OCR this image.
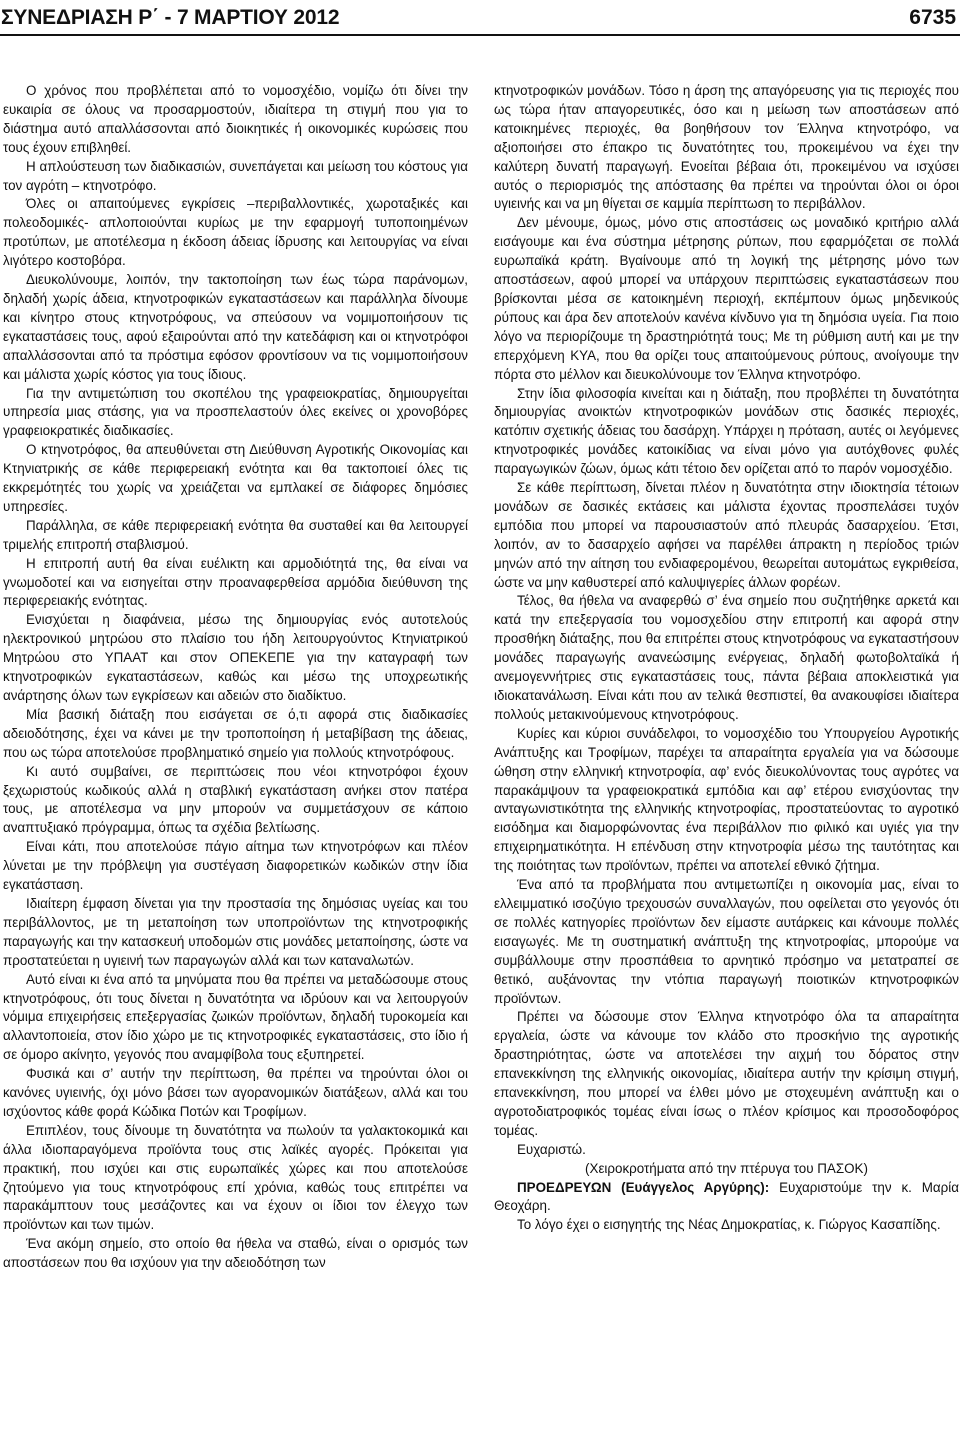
ΣΥΝΕΔΡΙΑΣΗ Ρ΄ - 7 ΜΑΡΤΙΟΥ 2012	6735

Ο χρόνος που προβλέπεται από το νομοσχέδιο, νομίζω ότι δίνει την ευκαιρία σε όλους να προσαρμοστούν, ιδιαίτερα τη στιγμή που για το διάστημα αυτό απαλλάσσονται από διοικητικές ή οικονομικές κυρώσεις που τους έχουν επιβληθεί.

Η απλούστευση των διαδικασιών, συνεπάγεται και μείωση του κόστους για τον αγρότη – κτηνοτρόφο.

Όλες οι απαιτούμενες εγκρίσεις –περιβαλλοντικές, χωροταξικές και πολεοδομικές- απλοποιούνται κυρίως με την εφαρμογή τυποποιημένων προτύπων, με αποτέλεσμα η έκδοση άδειας ίδρυσης και λειτουργίας να είναι λιγότερο κοστοβόρα.

Διευκολύνουμε, λοιπόν, την τακτοποίηση των έως τώρα παράνομων, δηλαδή χωρίς άδεια, κτηνοτροφικών εγκαταστάσεων και παράλληλα δίνουμε και κίνητρο στους κτηνοτρόφους, να σπεύσουν να νομιμοποιήσουν τις εγκαταστάσεις τους, αφού εξαιρούνται από την κατεδάφιση και οι κτηνοτρόφοι απαλλάσσονται από τα πρόστιμα εφόσον φροντίσουν να τις νομιμοποιήσουν και μάλιστα χωρίς κόστος για τους ίδιους.

Για την αντιμετώπιση του σκοπέλου της γραφειοκρατίας, δημιουργείται υπηρεσία μιας στάσης, για να προσπελαστούν όλες εκείνες οι χρονοβόρες γραφειοκρατικές διαδικασίες.

Ο κτηνοτρόφος, θα απευθύνεται στη Διεύθυνση Αγροτικής Οικονομίας και Κτηνιατρικής σε κάθε περιφερειακή ενότητα και θα τακτοποιεί όλες τις εκκρεμότητές του χωρίς να χρειάζεται να εμπλακεί σε διάφορες δημόσιες υπηρεσίες.

Παράλληλα, σε κάθε περιφερειακή ενότητα θα συσταθεί και θα λειτουργεί τριμελής επιτροπή σταβλισμού.

Η επιτροπή αυτή θα είναι ευέλικτη και αρμοδιότητά της, θα είναι να γνωμοδοτεί και να εισηγείται στην προαναφερθείσα αρμόδια διεύθυνση της περιφερειακής ενότητας.

Ενισχύεται η διαφάνεια, μέσω της δημιουργίας ενός αυτοτελούς ηλεκτρονικού μητρώου στο πλαίσιο του ήδη λειτουργούντος Κτηνιατρικού Μητρώου στο ΥΠΑΑΤ και στον ΟΠΕΚΕΠΕ για την καταγραφή των κτηνοτροφικών εγκαταστάσεων, καθώς και μέσω της υποχρεωτικής ανάρτησης όλων των εγκρίσεων και αδειών στο διαδίκτυο.

Μία βασική διάταξη που εισάγεται σε ό,τι αφορά στις διαδικασίες αδειοδότησης, έχει να κάνει με την τροποποίηση ή μεταβίβαση της άδειας, που ως τώρα αποτελούσε προβληματικό σημείο για πολλούς κτηνοτρόφους.

Κι αυτό συμβαίνει, σε περιπτώσεις που νέοι κτηνοτρόφοι έχουν ξεχωριστούς κωδικούς αλλά η σταβλική εγκατάσταση ανήκει στον πατέρα τους, με αποτέλεσμα να μην μπορούν να συμμετάσχουν σε κάποιο αναπτυξιακό πρόγραμμα, όπως τα σχέδια βελτίωσης.

Είναι κάτι, που αποτελούσε πάγιο αίτημα των κτηνοτρόφων και πλέον λύνεται με την πρόβλεψη για συστέγαση διαφορετικών κωδικών στην ίδια εγκατάσταση.

Ιδιαίτερη έμφαση δίνεται για την προστασία της δημόσιας υγείας και του περιβάλλοντος, με τη μεταποίηση των υποπροϊόντων της κτηνοτροφικής παραγωγής και την κατασκευή υποδομών στις μονάδες μεταποίησης, ώστε να προστατεύεται η υγιεινή των παραγωγών αλλά και των καταναλωτών.

Αυτό είναι κι ένα από τα μηνύματα που θα πρέπει να μεταδώσουμε στους κτηνοτρόφους, ότι τους δίνεται η δυνατότητα να ιδρύουν και να λειτουργούν νόμιμα επιχειρήσεις επεξεργασίας ζωικών προϊόντων, δηλαδή τυροκομεία και αλλαντοποιεία, στον ίδιο χώρο με τις κτηνοτροφικές εγκαταστάσεις, στο ίδιο ή σε όμορο ακίνητο, γεγονός που αναμφίβολα τους εξυπηρετεί.

Φυσικά και σ’ αυτήν την περίπτωση, θα πρέπει να τηρούνται όλοι οι κανόνες υγιεινής, όχι μόνο βάσει των αγορανομικών διατάξεων, αλλά και του ισχύοντος κάθε φορά Κώδικα Ποτών και Τροφίμων.

Επιπλέον, τους δίνουμε τη δυνατότητα να πωλούν τα γαλακτοκομικά και άλλα ιδιοπαραγόμενα προϊόντα τους στις λαϊκές αγορές. Πρόκειται για πρακτική, που ισχύει και στις ευρωπαϊκές χώρες και που αποτελούσε ζητούμενο για τους κτηνοτρόφους επί χρόνια, καθώς τους επιτρέπει να παρακάμπτουν τους μεσάζοντες και να έχουν οι ίδιοι τον έλεγχο των προϊόντων και των τιμών.

Ένα ακόμη σημείο, στο οποίο θα ήθελα να σταθώ, είναι ο ορισμός των αποστάσεων που θα ισχύουν για την αδειοδότηση των

κτηνοτροφικών μονάδων. Τόσο η άρση της απαγόρευσης για τις περιοχές που ως τώρα ήταν απαγορευτικές, όσο και η μείωση των αποστάσεων από κατοικημένες περιοχές, θα βοηθήσουν τον Έλληνα κτηνοτρόφο, να αξιοποιήσει στο έπακρο τις δυνατότητες του, προκειμένου να έχει την καλύτερη δυνατή παραγωγή. Ενοείται βέβαια ότι, προκειμένου να ισχύσει αυτός ο περιορισμός της απόστασης θα πρέπει να τηρούνται όλοι οι όροι υγιεινής και να μη θίγεται σε καμμία περίπτωση το περιβάλλον.

Δεν μένουμε, όμως, μόνο στις αποστάσεις ως μοναδικό κριτήριο αλλά εισάγουμε και ένα σύστημα μέτρησης ρύπων, που εφαρμόζεται σε πολλά ευρωπαϊκά κράτη. Βγαίνουμε από τη λογική της μέτρησης μόνο των αποστάσεων, αφού μπορεί να υπάρχουν περιπτώσεις εγκαταστάσεων που βρίσκονται μέσα σε κατοικημένη περιοχή, εκπέμπουν όμως μηδενικούς ρύπους και άρα δεν αποτελούν κανένα κίνδυνο για τη δημόσια υγεία. Για ποιο λόγο να περιορίζουμε τη δραστηριότητά τους; Με τη ρύθμιση αυτή και με την επερχόμενη ΚΥΑ, που θα ορίζει τους απαιτούμενους ρύπους, ανοίγουμε την πόρτα στο μέλλον και διευκολύνουμε τον Έλληνα κτηνοτρόφο.

Στην ίδια φιλοσοφία κινείται και η διάταξη, που προβλέπει τη δυνατότητα δημιουργίας ανοικτών κτηνοτροφικών μονάδων στις δασικές περιοχές, κατόπιν σχετικής άδειας του δασάρχη. Υπάρχει η πρόταση, αυτές οι λεγόμενες κτηνοτροφικές μονάδες κατοικίδιας να είναι μόνο για αυτόχθονες φυλές παραγωγικών ζώων, όμως κάτι τέτοιο δεν ορίζεται από το παρόν νομοσχέδιο.

Σε κάθε περίπτωση, δίνεται πλέον η δυνατότητα στην ιδιοκτησία τέτοιων μονάδων σε δασικές εκτάσεις και μάλιστα έχοντας προσπελάσει τυχόν εμπόδια που μπορεί να παρουσιαστούν από πλευράς δασαρχείου. Έτσι, λοιπόν, αν το δασαρχείο αφήσει να παρέλθει άπρακτη η περίοδος τριών μηνών από την αίτηση του ενδιαφερομένου, θεωρείται αυτομάτως εγκριθείσα, ώστε να μην καθυστερεί από καλυψιγερίες άλλων φορέων.

Τέλος, θα ήθελα να αναφερθώ σ’ ένα σημείο που συζητήθηκε αρκετά και κατά την επεξεργασία του νομοσχεδίου στην επιτροπή και αφορά στην προσθήκη διάταξης, που θα επιτρέπει στους κτηνοτρόφους να εγκαταστήσουν μονάδες παραγωγής ανανεώσιμης ενέργειας, δηλαδή φωτοβολταϊκά ή ανεμογεννήτριες στις εγκαταστάσεις τους, πάντα βέβαια αποκλειστικά για ιδιοκατανάλωση. Είναι κάτι που αν τελικά θεσπιστεί, θα ανακουφίσει ιδιαίτερα πολλούς μετακινούμενους κτηνοτρόφους.

Κυρίες και κύριοι συνάδελφοι, το νομοσχέδιο του Υπουργείου Αγροτικής Ανάπτυξης και Τροφίμων, παρέχει τα απαραίτητα εργαλεία για να δώσουμε ώθηση στην ελληνική κτηνοτροφία, αφ’ ενός διευκολύνοντας τους αγρότες να παρακάμψουν τα γραφειοκρατικά εμπόδια και αφ’ ετέρου ενισχύοντας την ανταγωνιστικότητα της ελληνικής κτηνοτροφίας, προστατεύοντας το αγροτικό εισόδημα και διαμορφώνοντας ένα περιβάλλον πιο φιλικό και υγιές για την επιχειρηματικότητα. Η επένδυση στην κτηνοτροφία μέσω της ταυτότητας και της ποιότητας των προϊόντων, πρέπει να αποτελεί εθνικό ζήτημα.

Ένα από τα προβλήματα που αντιμετωπίζει η οικονομία μας, είναι το ελλειμματικό ισοζύγιο τρεχουσών συναλλαγών, που οφείλεται στο γεγονός ότι σε πολλές κατηγορίες προϊόντων δεν είμαστε αυτάρκεις και κάνουμε πολλές εισαγωγές. Με τη συστηματική ανάπτυξη της κτηνοτροφίας, μπορούμε να συμβάλλουμε στην προσπάθεια το αρνητικό πρόσημο να μετατραπεί σε θετικό, αυξάνοντας την ντόπια παραγωγή ποιοτικών κτηνοτροφικών προϊόντων.

Πρέπει να δώσουμε στον Έλληνα κτηνοτρόφο όλα τα απαραίτητα εργαλεία, ώστε να κάνουμε τον κλάδο στο προσκήνιο της αγροτικής δραστηριότητας, ώστε να αποτελέσει την αιχμή του δόρατος στην επανεκκίνηση της ελληνικής οικονομίας, ιδιαίτερα αυτήν την κρίσιμη στιγμή, επανεκκίνηση, που μπορεί να έλθει μόνο με στοχευμένη ανάπτυξη και ο αγροτοδιατροφικός τομέας είναι ίσως ο πλέον κρίσιμος και προσοδοφόρος τομέας.

Ευχαριστώ.

(Χειροκροτήματα από την πτέρυγα του ΠΑΣΟΚ)

ΠΡΟΕΔΡΕΥΩΝ (Ευάγγελος Αργύρης): Ευχαριστούμε την κ. Μαρία Θεοχάρη.

Το λόγο έχει ο εισηγητής της Νέας Δημοκρατίας, κ. Γιώργος Κασαπίδης.
